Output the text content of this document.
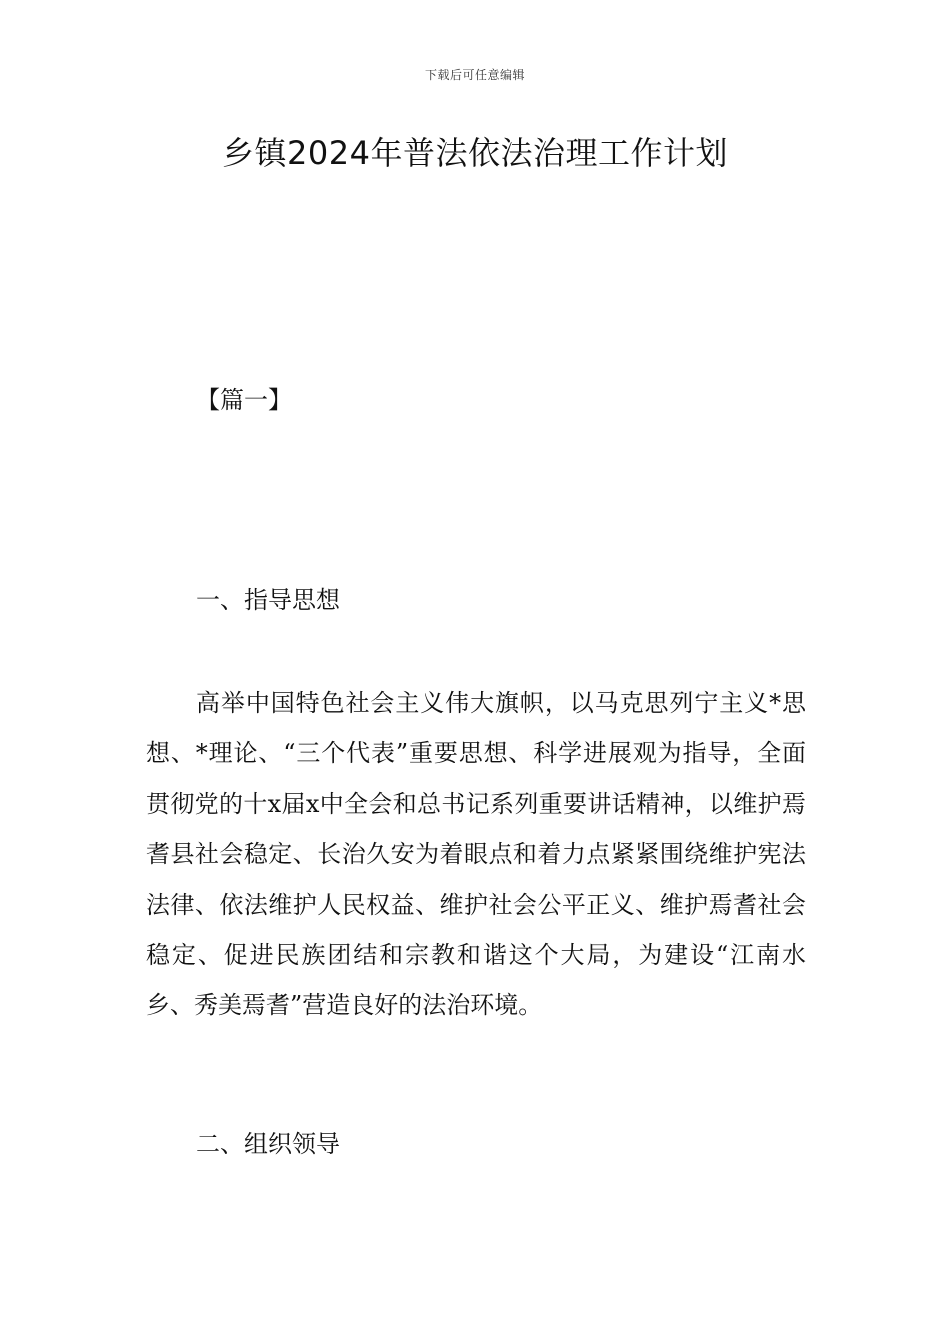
下载后可任意编辑
乡镇2024年普法依法治理工作计划
【篇一】
一、指导思想

高举中国特色社会主义伟大旗帜，以马克思列宁主义*思想、*理论、“三个代表”重要思想、科学进展观为指导，全面贯彻党的十x届x中全会和总书记系列重要讲话精神，以维护焉耆县社会稳定、长治久安为着眼点和着力点紧紧围绕维护宪法法律、依法维护人民权益、维护社会公平正义、维护焉耆社会稳定、促进民族团结和宗教和谐这个大局，为建设“江南水乡、秀美焉耆”营造良好的法治环境。

二、组织领导
